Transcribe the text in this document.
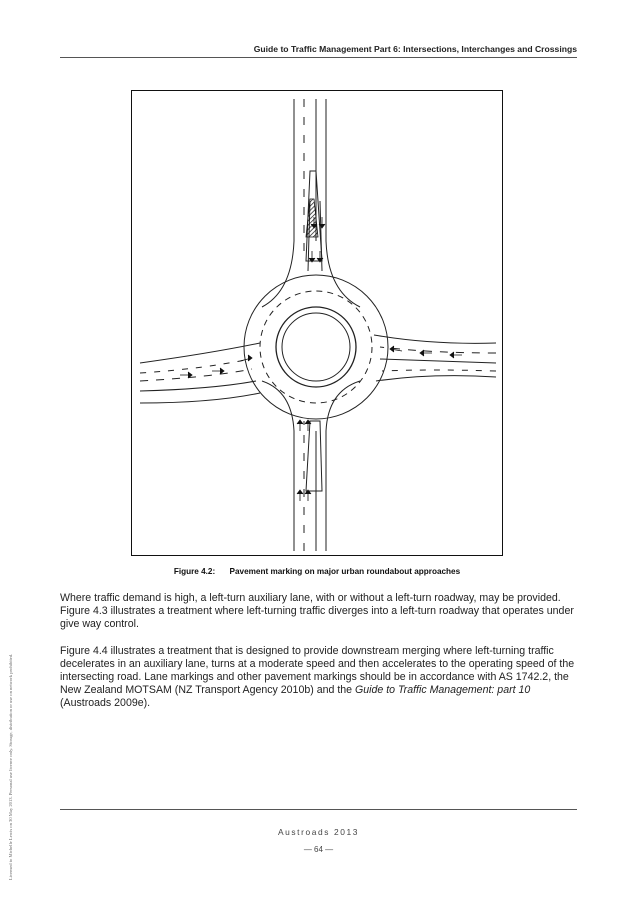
Guide to Traffic Management Part 6: Intersections, Interchanges and Crossings
Figure 4.2: Pavement marking on major urban roundabout approaches

Where traffic demand is high, a left-turn auxiliary lane, with or without a left-turn roadway, may be provided. Figure 4.3 illustrates a treatment where left-turning traffic diverges into a left-turn roadway that operates under give way control.

Figure 4.4 illustrates a treatment that is designed to provide downstream merging where left-turning traffic decelerates in an auxiliary lane, turns at a moderate speed and then accelerates to the operating speed of the intersecting road. Lane markings and other pavement markings should be in accordance with AS 1742.2, the New Zealand MOTSAM (NZ Transport Agency 2010b) and the Guide to Traffic Management: part 10 (Austroads 2009e).

Austroads 2013
— 64 —
Licensed to Michelle Lewis on 30 May 2013. Personal use licence only. Storage, distribution or use on network prohibited.
